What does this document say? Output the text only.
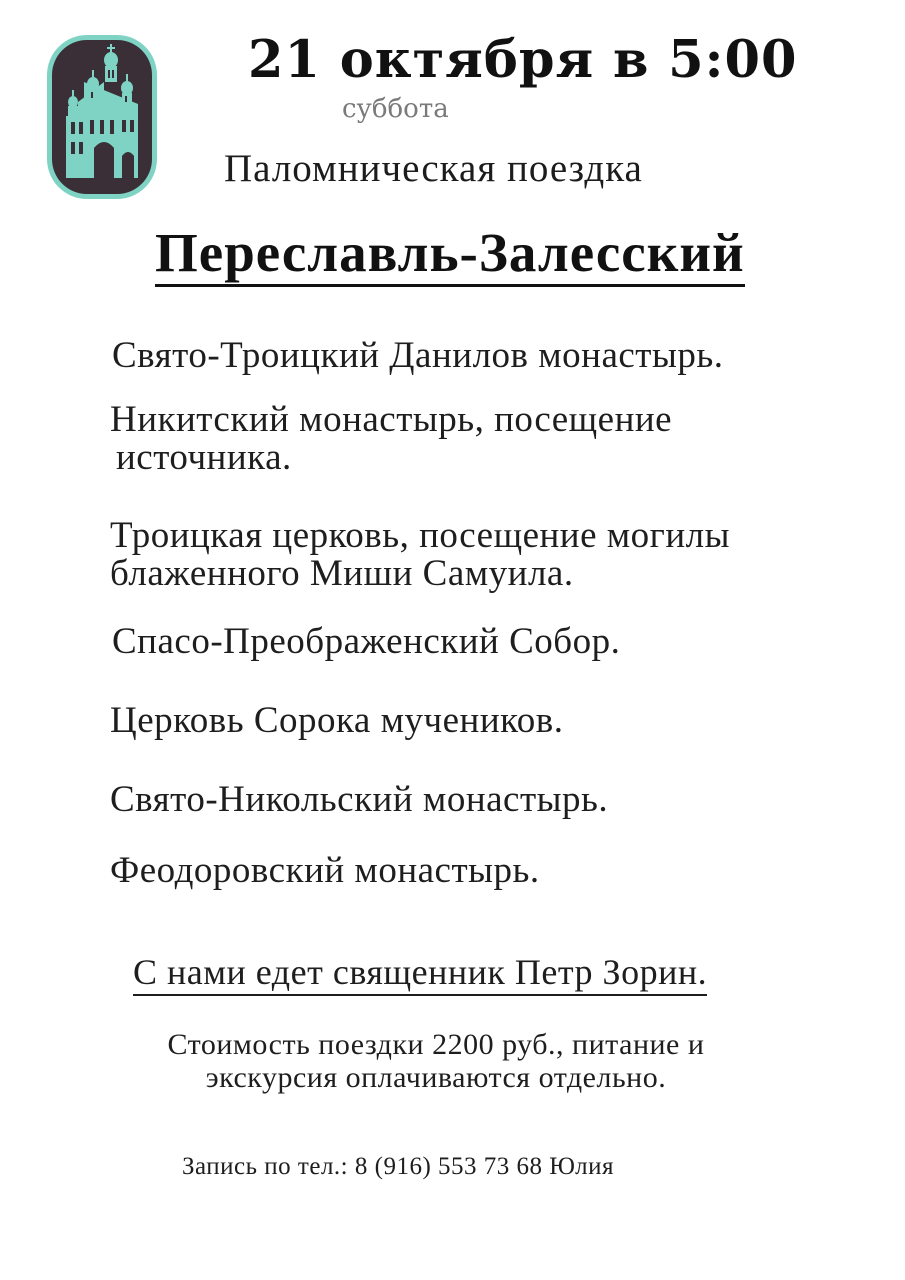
21 октября в 5:00
суббота
Паломническая поездка
Переславль-Залесский
Свято-Троицкий Данилов монастырь.
Никитский монастырь, посещение
источника.
Троицкая церковь, посещение могилы
блаженного Миши Самуила.
Спасо-Преображенский Собор.
Церковь Сорока мучеников.
Свято-Никольский монастырь.
Феодоровский монастырь.
С нами едет священник Петр Зорин.
Стоимость поездки 2200 руб., питание и
экскурсия оплачиваются отдельно.
Запись по тел.: 8 (916) 553 73 68 Юлия
